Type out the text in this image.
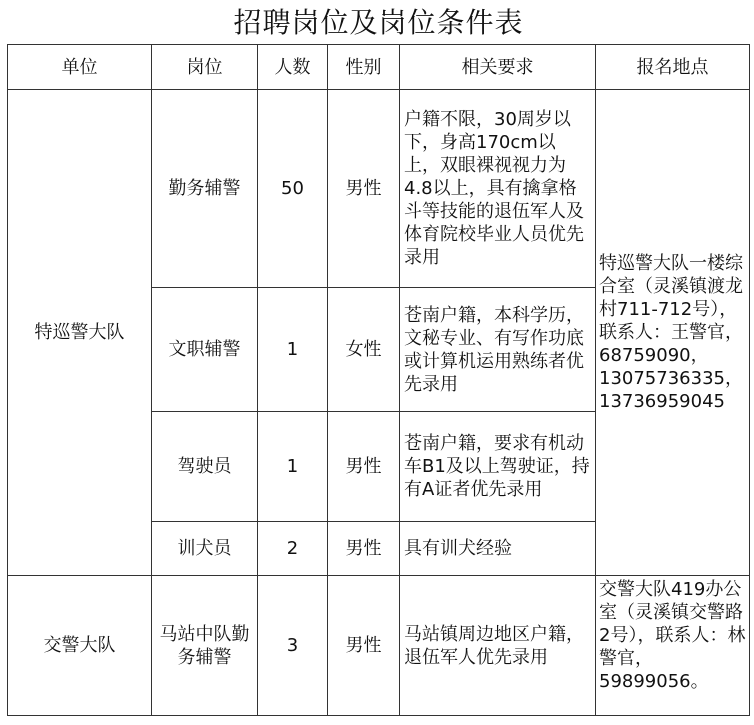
招聘岗位及岗位条件表					
单位	岗位	人数	性别	相关要求	报名地点
特巡警大队	勤务辅警	50	男性	户籍不限，30周岁以下，身高170cm以上，双眼裸视视力为4.8以上，具有擒拿格斗等技能的退伍军人及体育院校毕业人员优先录用	特巡警大队一楼综合室（灵溪镇渡龙村711-712号），联系人：王警官，68759090，13075736335，13736959045
	文职辅警	1	女性	苍南户籍，本科学历，文秘专业、有写作功底或计算机运用熟练者优先录用	
	驾驶员	1	男性	苍南户籍，要求有机动车B1及以上驾驶证，持有A证者优先录用	
	训犬员	2	男性	具有训犬经验	
交警大队	马站中队勤务辅警	3	男性	马站镇周边地区户籍，退伍军人优先录用	交警大队419办公室（灵溪镇交警路2号），联系人：林警官，59899056。
